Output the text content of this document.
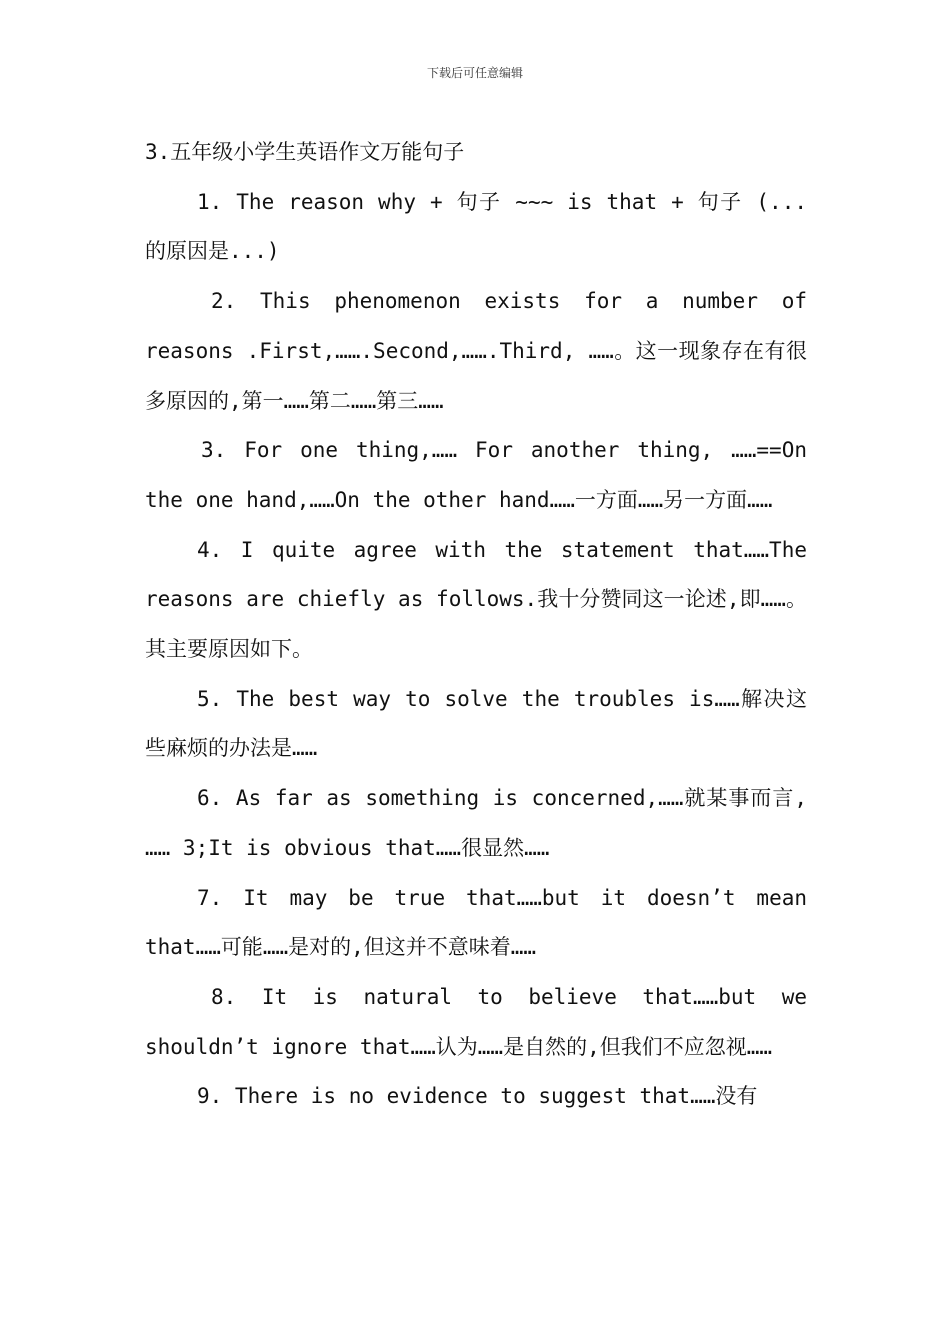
下载后可任意编辑
3.五年级小学生英语作文万能句子

1. The reason why + 句子 ~~~ is that + 句子 (... 的原因是...)

2. This phenomenon exists for a number of reasons .First,…….Second,…….Third, ……。这一现象存在有很多原因的,第一……第二……第三……

3. For one thing,…… For another thing, ……==On the one hand,……On the other hand……一方面……另一方面……

4. I quite agree with the statement that……The reasons are chiefly as follows.我十分赞同这一论述,即……。其主要原因如下。

5. The best way to solve the troubles is……解决这些麻烦的办法是……

6. As far as something is concerned,……就某事而言, …… 3;It is obvious that……很显然……

7. It may be true that……but it doesn’t mean that……可能……是对的,但这并不意味着……

8. It is natural to believe that……but we shouldn’t ignore that……认为……是自然的,但我们不应忽视……

9. There is no evidence to suggest that……没有
